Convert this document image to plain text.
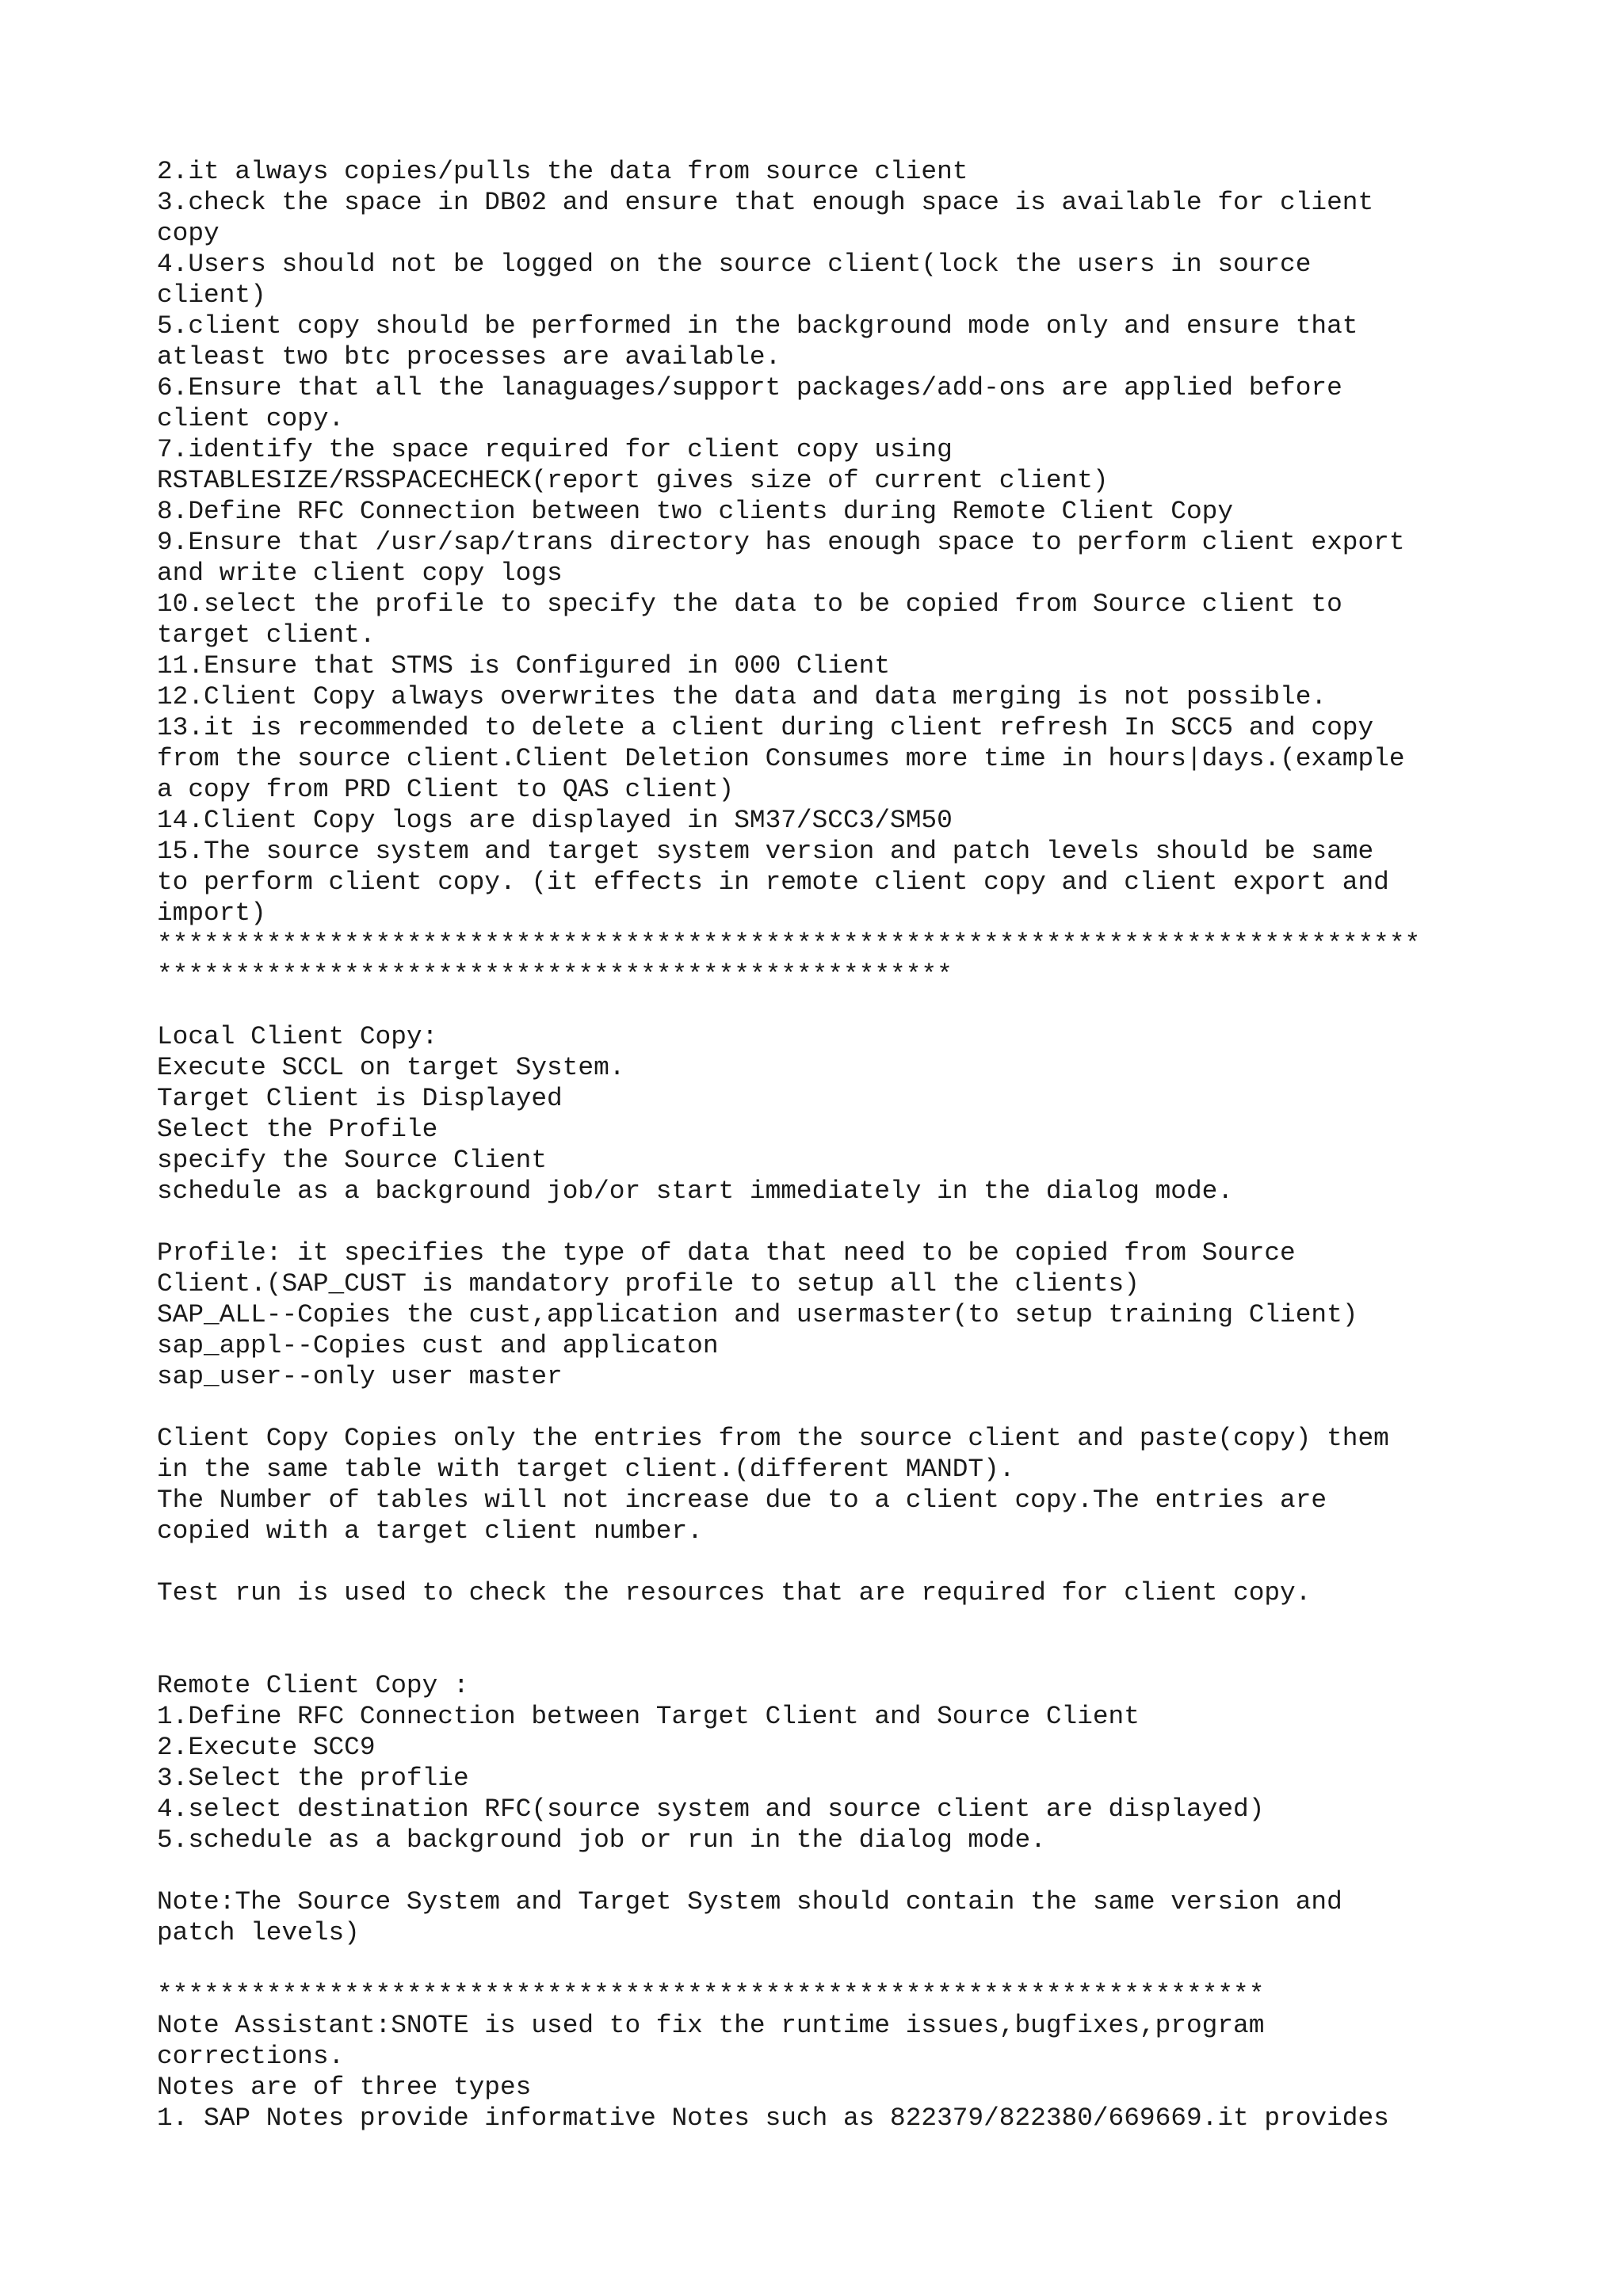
2.it always copies/pulls the data from source client
3.check the space in DB02 and ensure that enough space is available for client
copy
4.Users should not be logged on the source client(lock the users in source
client)
5.client copy should be performed in the background mode only and ensure that
atleast two btc processes are available.
6.Ensure that all the lanaguages/support packages/add-ons are applied before
client copy.
7.identify the space required for client copy using
RSTABLESIZE/RSSPACECHECK(report gives size of current client)
8.Define RFC Connection between two clients during Remote Client Copy
9.Ensure that /usr/sap/trans directory has enough space to perform client export
and write client copy logs
10.select the profile to specify the data to be copied from Source client to
target client.
11.Ensure that STMS is Configured in 000 Client
12.Client Copy always overwrites the data and data merging is not possible.
13.it is recommended to delete a client during client refresh In SCC5 and copy
from the source client.Client Deletion Consumes more time in hours|days.(example
a copy from PRD Client to QAS client)
14.Client Copy logs are displayed in SM37/SCC3/SM50
15.The source system and target system version and patch levels should be same
to perform client copy. (it effects in remote client copy and client export and
import)
*********************************************************************************
***************************************************
Local Client Copy:
Execute SCCL on target System.
Target Client is Displayed
Select the Profile
specify the Source Client
schedule as a background job/or start immediately in the dialog mode.
Profile: it specifies the type of data that need to be copied from Source
Client.(SAP_CUST is mandatory profile to setup all the clients)
SAP_ALL--Copies the cust,application and usermaster(to setup training Client)
sap_appl--Copies cust and applicaton
sap_user--only user master
Client Copy Copies only the entries from the source client and paste(copy) them
in the same table with target client.(different MANDT).
The Number of tables will not increase due to a client copy.The entries are
copied with a target client number.
Test run is used to check the resources that are required for client copy.
Remote Client Copy :
1.Define RFC Connection between Target Client and Source Client
2.Execute SCC9
3.Select the proflie
4.select destination RFC(source system and source client are displayed)
5.schedule as a background job or run in the dialog mode.
Note:The Source System and Target System should contain the same version and
patch levels)
***********************************************************************
Note Assistant:SNOTE is used to fix the runtime issues,bugfixes,program
corrections.
Notes are of three types
1. SAP Notes provide informative Notes such as 822379/822380/669669.it provides
